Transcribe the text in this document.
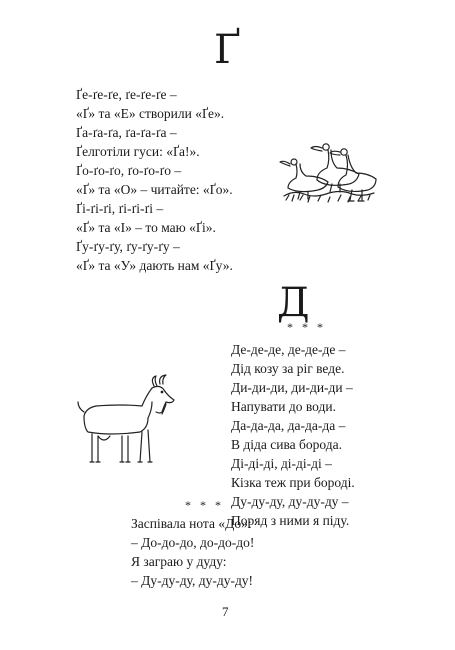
Ґ
Ґе-ґе-ґе, ґе-ґе-ґе –
«Ґ» та «Е» створили «Ґе».
Ґа-ґа-ґа, ґа-ґа-ґа –
Ґелготіли гуси: «Ґа!».
Ґо-ґо-ґо, ґо-ґо-ґо –
«Ґ» та «О» – читайте: «Ґо».
Ґі-ґі-ґі, ґі-ґі-ґі –
«Ґ» та «І» – то маю «Ґі».
Ґу-ґу-ґу, ґу-ґу-ґу –
«Ґ» та «У» дають нам «Ґу».
Д
* * *
Де-де-де, де-де-де –
Дід козу за ріг веде.
Ди-ди-ди, ди-ди-ди –
Напувати до води.
Да-да-да, да-да-да –
В діда сива борода.
Ді-ді-ді, ді-ді-ді –
Кізка теж при бороді.
Ду-ду-ду, ду-ду-ду –
Поряд з ними я піду.
* * *
Заспівала нота «До»:
– До-до-до, до-до-до!
Я заграю у дуду:
– Ду-ду-ду, ду-ду-ду!
7
